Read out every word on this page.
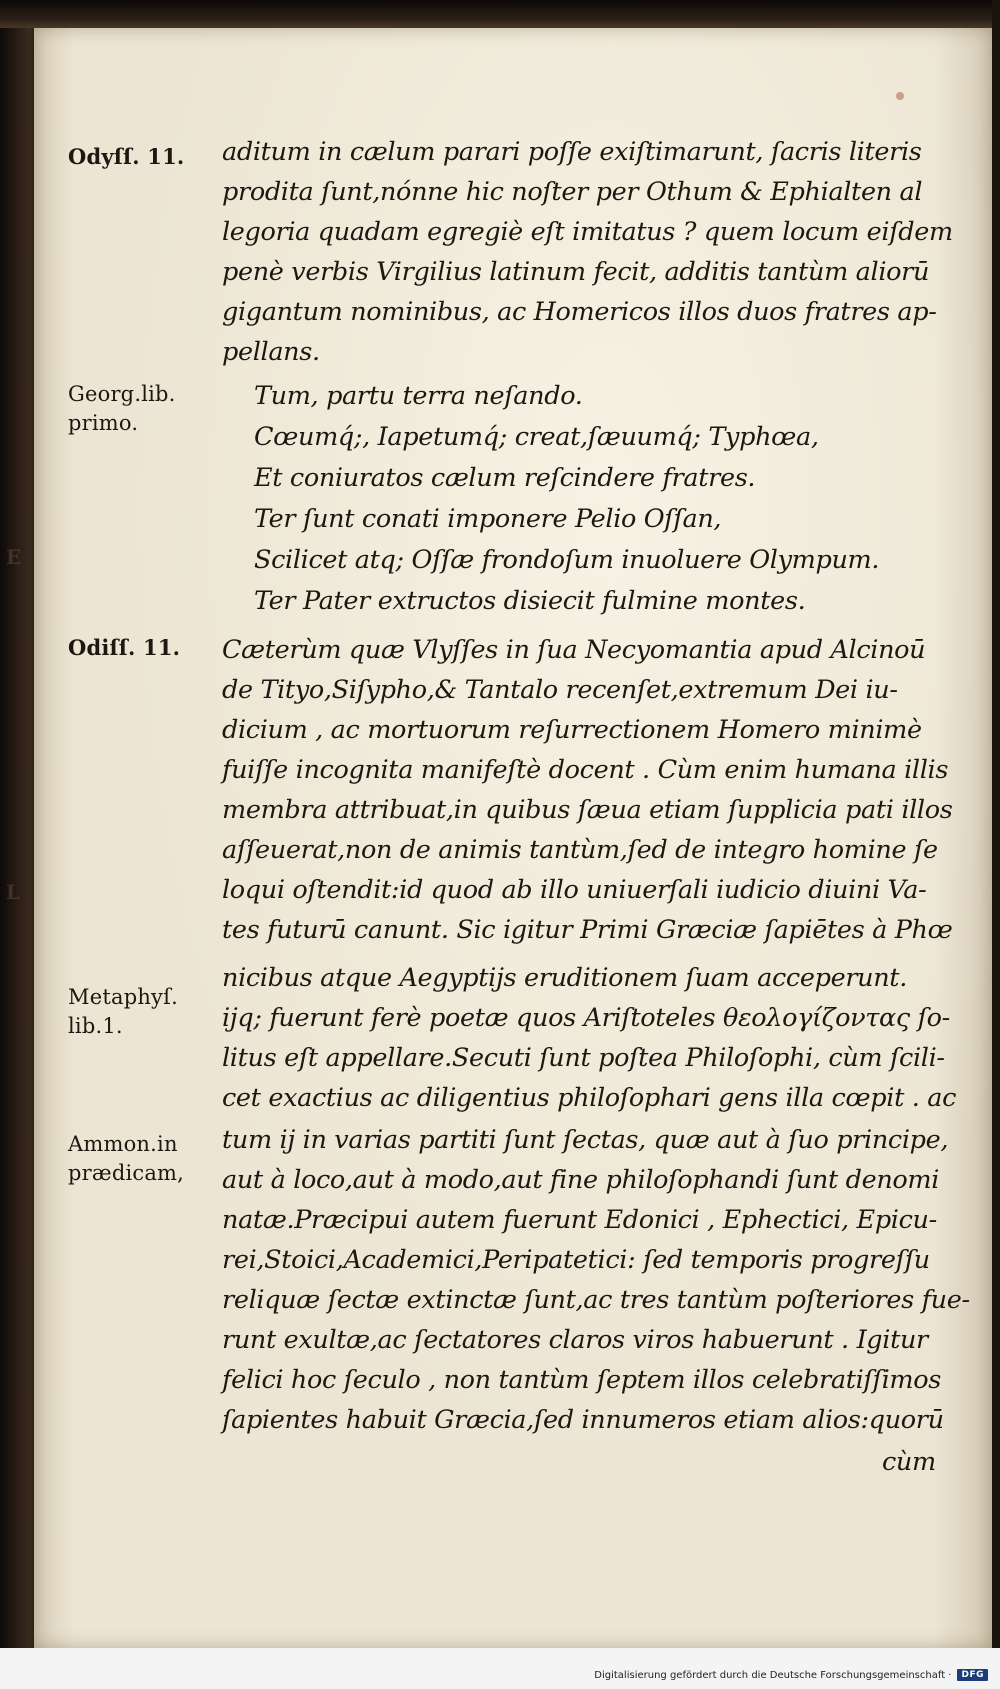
E
L
Odyſſ. 11.
Georg.lib.
primo.
Odiſſ. 11.
Metaphyſ.
lib.1.
Ammon.in
prædicam,
aditum in cælum parari poſſe exiſtimarunt, ſacris literis
prodita ſunt,nónne hic noſter per Othum & Ephialten al
legoria quadam egregiè eſt imitatus ? quem locum eiſdem
penè verbis Virgilius latinum fecit, additis tantùm aliorū
gigantum nominibus, ac Homericos illos duos fratres ap-
pellans.
Tum, partu terra neſando.
Cœumq́;, Iapetumq́; creat,ſæuumq́; Typhœa,
Et coniuratos cælum reſcindere fratres.
Ter ſunt conati imponere Pelio Oſſan,
Scilicet atq; Oſſæ frondoſum inuoluere Olympum.
Ter Pater extructos disiecit fulmine montes.
Cæterùm quæ Vlyſſes in ſua Necyomantia apud Alcinoū
de Tityo,Siſypho,& Tantalo recenſet,extremum Dei iu-
dicium , ac mortuorum reſurrectionem Homero minimè
fuiſſe incognita manifeſtè docent . Cùm enim humana illis
membra attribuat,in quibus ſæua etiam ſupplicia pati illos
aſſeuerat,non de animis tantùm,ſed de integro homine ſe
loqui oſtendit:id quod ab illo uniuerſali iudicio diuini Va-
tes futurū canunt. Sic igitur Primi Græciæ ſapiētes à Phœ
nicibus atque Aegyptijs eruditionem ſuam acceperunt.
ijq; fuerunt ferè poetæ quos Ariſtoteles θεολογίζοντας ſo-
litus eſt appellare.Secuti ſunt poſtea Philoſophi, cùm ſcili-
cet exactius ac diligentius philoſophari gens illa cœpit . ac
tum ij in varias partiti ſunt ſectas, quæ aut à ſuo principe,
aut à loco,aut à modo,aut fine philoſophandi ſunt denomi
natæ.Præcipui autem fuerunt Edonici , Ephectici, Epicu-
rei,Stoici,Academici,Peripatetici: ſed temporis progreſſu
reliquæ ſectæ extinctæ ſunt,ac tres tantùm poſteriores fue-
runt exultæ,ac ſectatores claros viros habuerunt . Igitur
felici hoc ſeculo , non tantùm ſeptem illos celebratiſſimos
ſapientes habuit Græcia,ſed innumeros etiam alios:quorū
cùm
Digitalisierung gefördert durch die Deutsche Forschungsgemeinschaft ·	DFG
